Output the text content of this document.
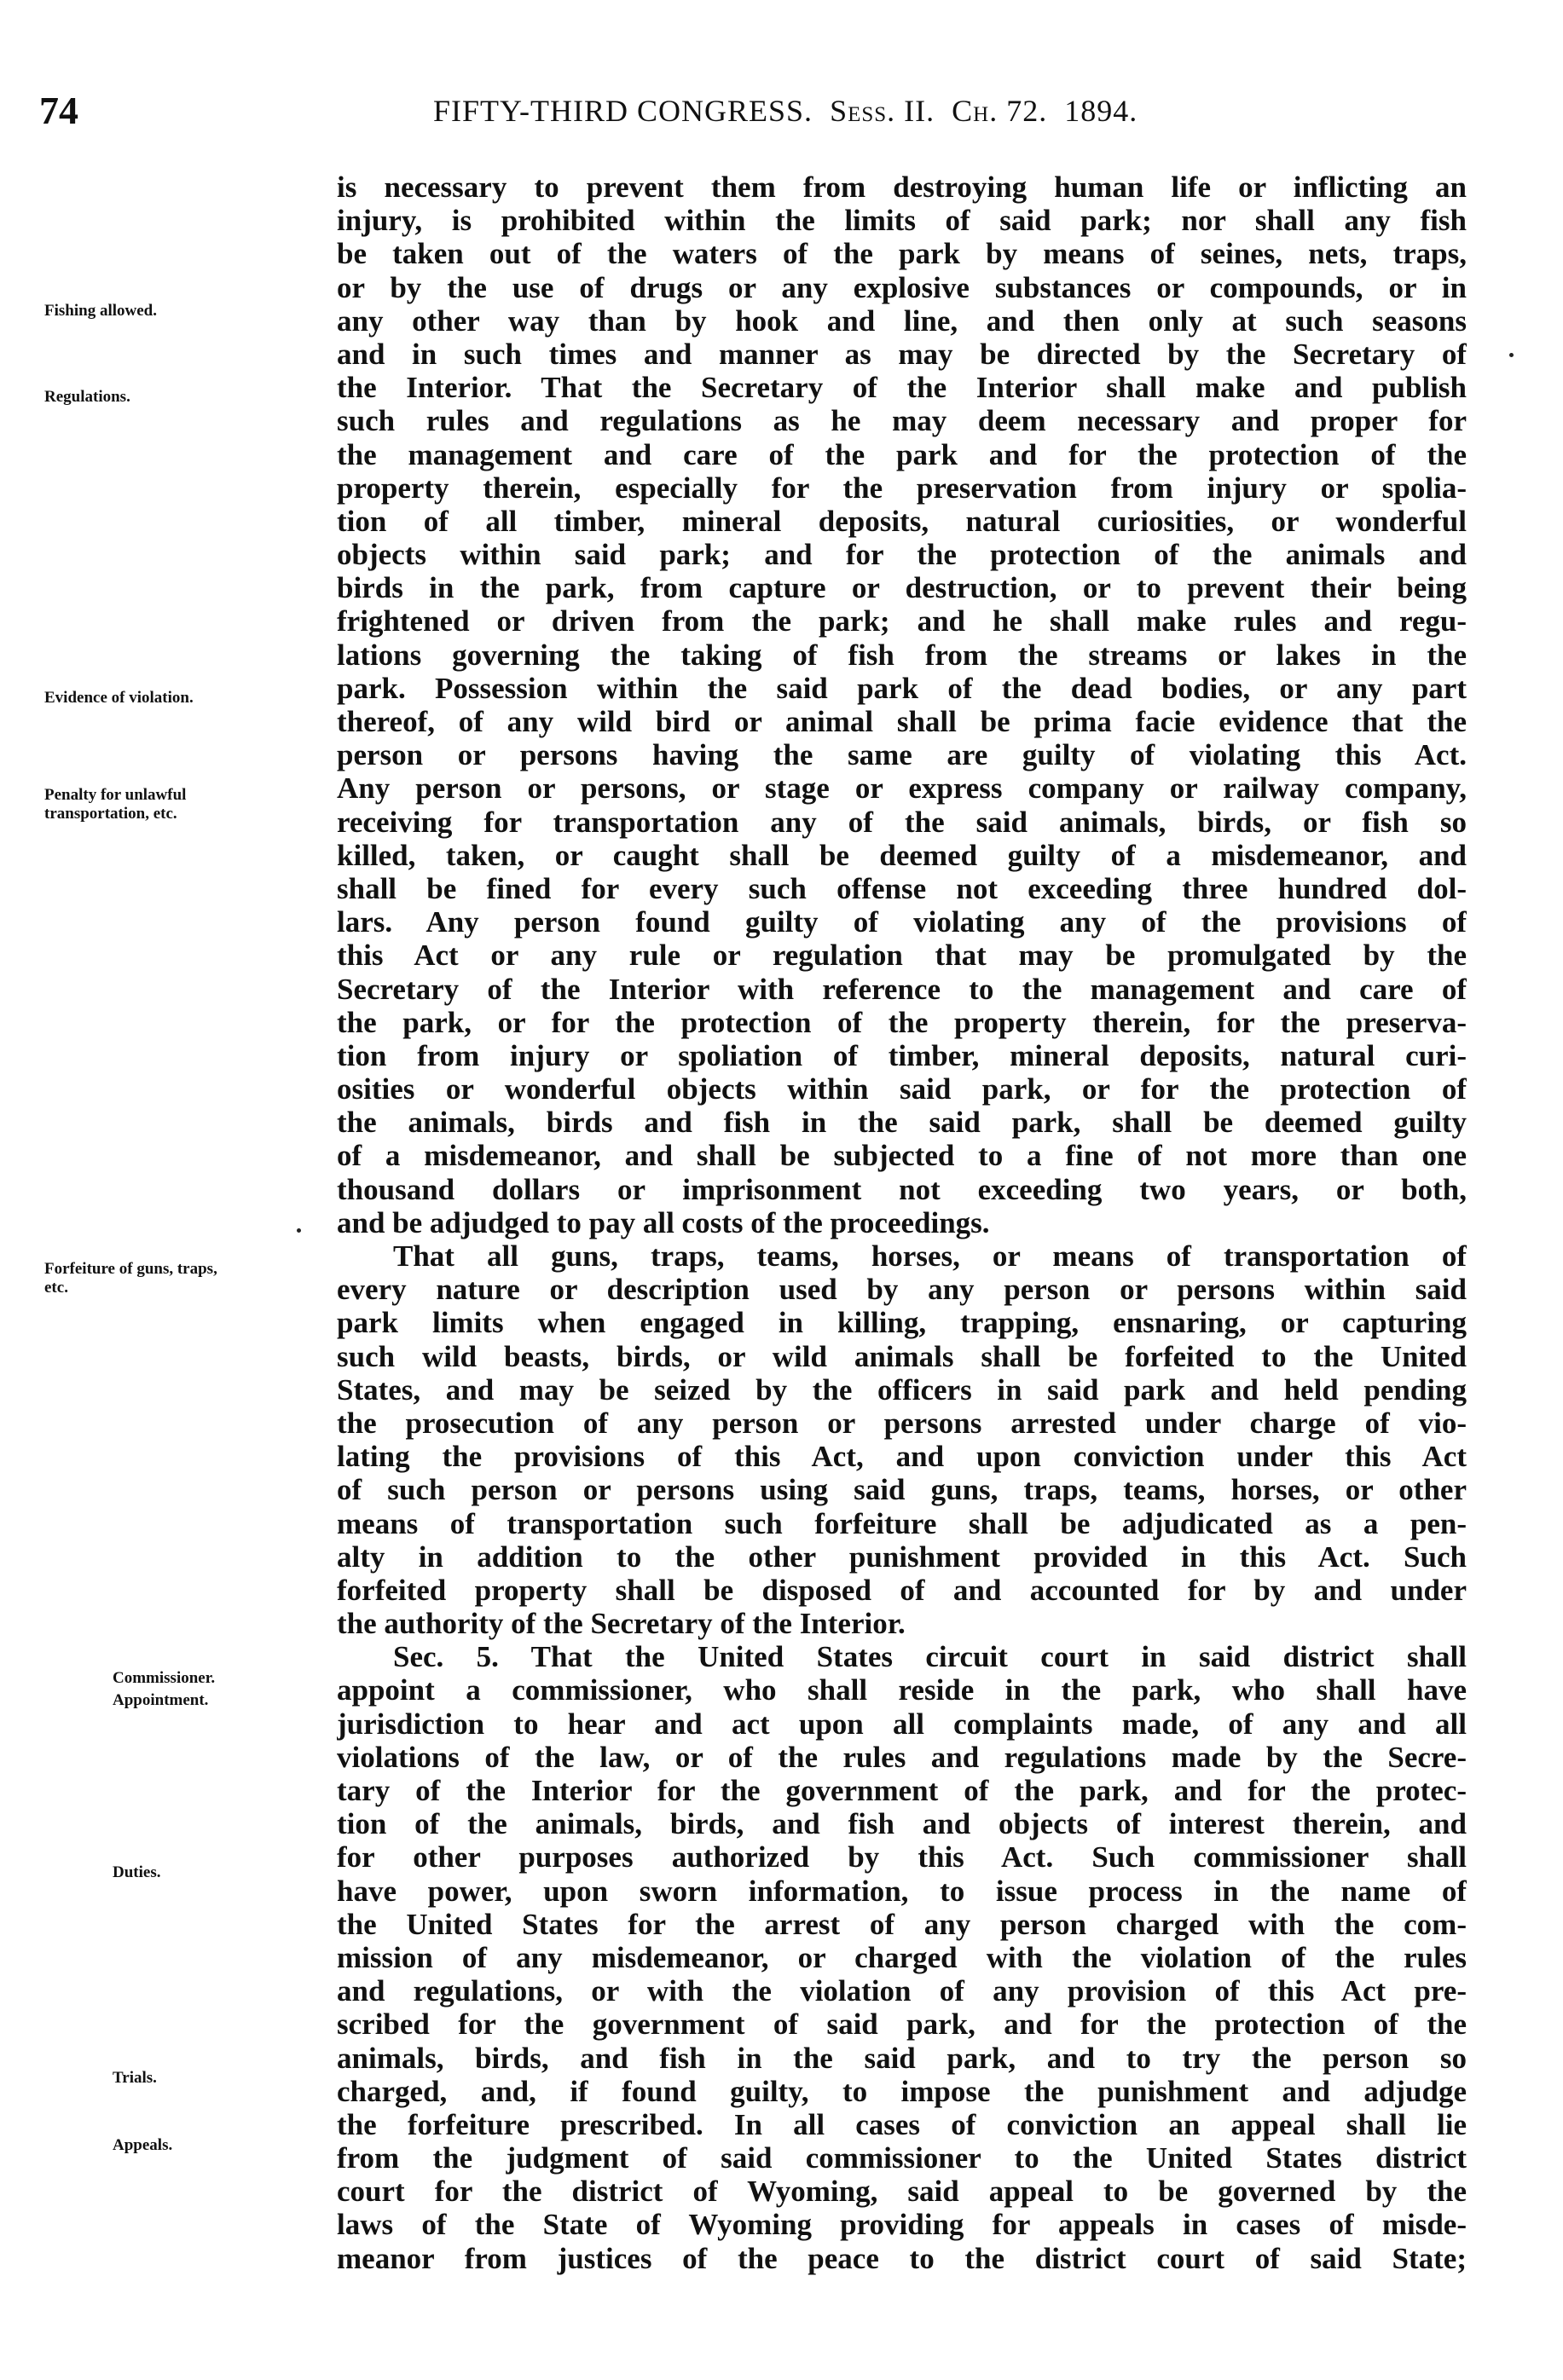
74	FIFTY-THIRD CONGRESS. Sess. II. Ch. 72. 1894.
Fishing allowed.
Regulations.
Evidence of violation.
Penalty for unlawful transportation, etc.
Forfeiture of guns, traps, etc.
Commissioner.
Appointment.
Duties.
Trials.
Appeals.
is necessary to prevent them from destroying human life or inflicting an
injury, is prohibited within the limits of said park; nor shall any fish
be taken out of the waters of the park by means of seines, nets, traps,
or by the use of drugs or any explosive substances or compounds, or in
any other way than by hook and line, and then only at such seasons
and in such times and manner as may be directed by the Secretary of
the Interior. That the Secretary of the Interior shall make and publish
such rules and regulations as he may deem necessary and proper for
the management and care of the park and for the protection of the
property therein, especially for the preservation from injury or spolia-
tion of all timber, mineral deposits, natural curiosities, or wonderful
objects within said park; and for the protection of the animals and
birds in the park, from capture or destruction, or to prevent their being
frightened or driven from the park; and he shall make rules and regu-
lations governing the taking of fish from the streams or lakes in the
park. Possession within the said park of the dead bodies, or any part
thereof, of any wild bird or animal shall be prima facie evidence that the
person or persons having the same are guilty of violating this Act.
Any person or persons, or stage or express company or railway company,
receiving for transportation any of the said animals, birds, or fish so
killed, taken, or caught shall be deemed guilty of a misdemeanor, and
shall be fined for every such offense not exceeding three hundred dol-
lars. Any person found guilty of violating any of the provisions of
this Act or any rule or regulation that may be promulgated by the
Secretary of the Interior with reference to the management and care of
the park, or for the protection of the property therein, for the preserva-
tion from injury or spoliation of timber, mineral deposits, natural curi-
osities or wonderful objects within said park, or for the protection of
the animals, birds and fish in the said park, shall be deemed guilty
of a misdemeanor, and shall be subjected to a fine of not more than one
thousand dollars or imprisonment not exceeding two years, or both,
and be adjudged to pay all costs of the proceedings.
That all guns, traps, teams, horses, or means of transportation of
every nature or description used by any person or persons within said
park limits when engaged in killing, trapping, ensnaring, or capturing
such wild beasts, birds, or wild animals shall be forfeited to the United
States, and may be seized by the officers in said park and held pending
the prosecution of any person or persons arrested under charge of vio-
lating the provisions of this Act, and upon conviction under this Act
of such person or persons using said guns, traps, teams, horses, or other
means of transportation such forfeiture shall be adjudicated as a pen-
alty in addition to the other punishment provided in this Act. Such
forfeited property shall be disposed of and accounted for by and under
the authority of the Secretary of the Interior.
Sec. 5. That the United States circuit court in said district shall
appoint a commissioner, who shall reside in the park, who shall have
jurisdiction to hear and act upon all complaints made, of any and all
violations of the law, or of the rules and regulations made by the Secre-
tary of the Interior for the government of the park, and for the protec-
tion of the animals, birds, and fish and objects of interest therein, and
for other purposes authorized by this Act. Such commissioner shall
have power, upon sworn information, to issue process in the name of
the United States for the arrest of any person charged with the com-
mission of any misdemeanor, or charged with the violation of the rules
and regulations, or with the violation of any provision of this Act pre-
scribed for the government of said park, and for the protection of the
animals, birds, and fish in the said park, and to try the person so
charged, and, if found guilty, to impose the punishment and adjudge
the forfeiture prescribed. In all cases of conviction an appeal shall lie
from the judgment of said commissioner to the United States district
court for the district of Wyoming, said appeal to be governed by the
laws of the State of Wyoming providing for appeals in cases of misde-
meanor from justices of the peace to the district court of said State;
